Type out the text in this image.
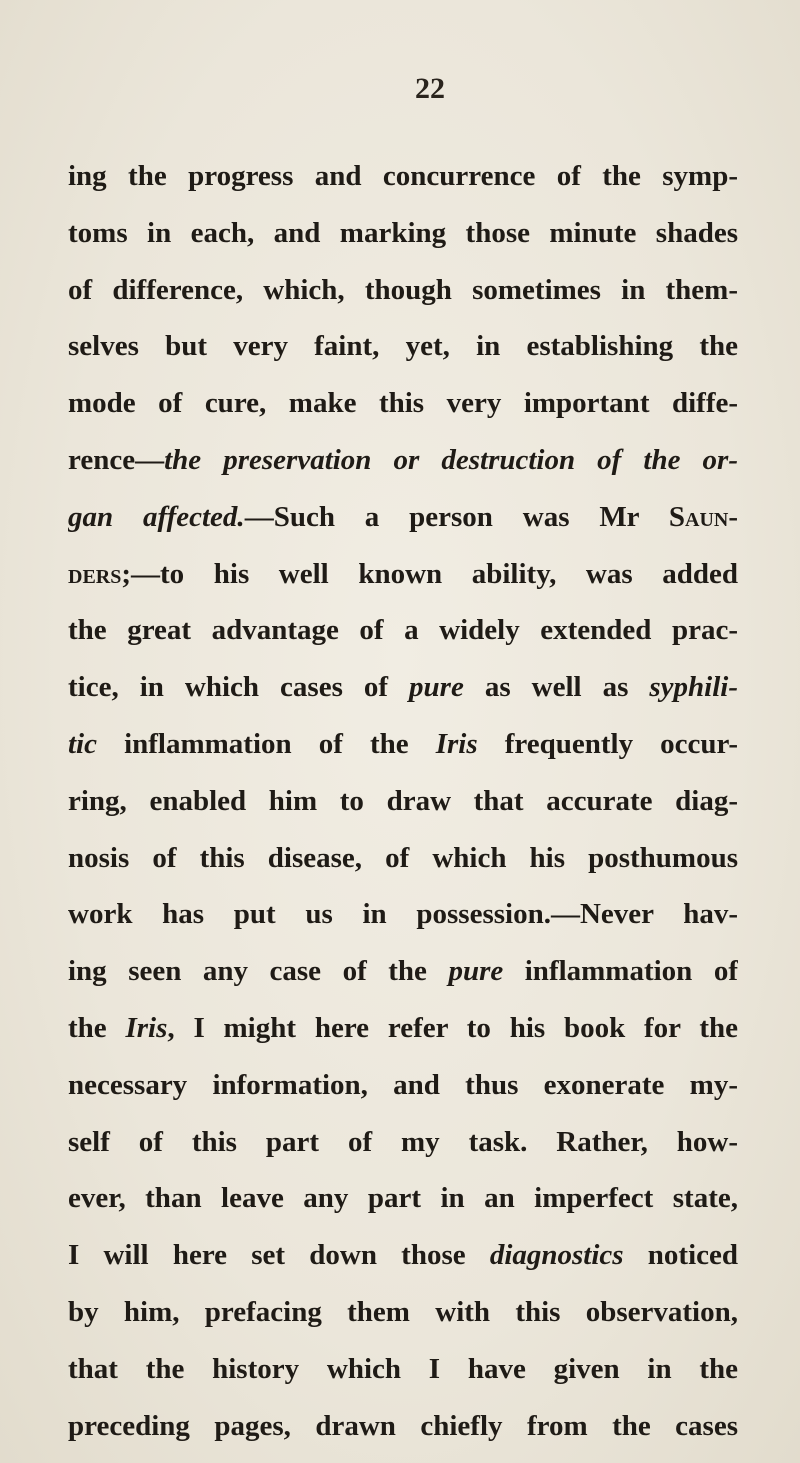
22
ing the progress and concurrence of the symp-
toms in each, and marking those minute shades
of difference, which, though sometimes in them-
selves but very faint, yet, in establishing the
mode of cure, make this very important diffe-
rence—the preservation or destruction of the or-
gan affected.—Such a person was Mr Saun-
ders;—to his well known ability, was added
the great advantage of a widely extended prac-
tice, in which cases of pure as well as syphili-
tic inflammation of the Iris frequently occur-
ring, enabled him to draw that accurate diag-
nosis of this disease, of which his posthumous
work has put us in possession.—Never hav-
ing seen any case of the pure inflammation of
the Iris, I might here refer to his book for the
necessary information, and thus exonerate my-
self of this part of my task. Rather, how-
ever, than leave any part in an imperfect state,
I will here set down those diagnostics noticed
by him, prefacing them with this observation,
that the history which I have given in the
preceding pages, drawn chiefly from the cases
